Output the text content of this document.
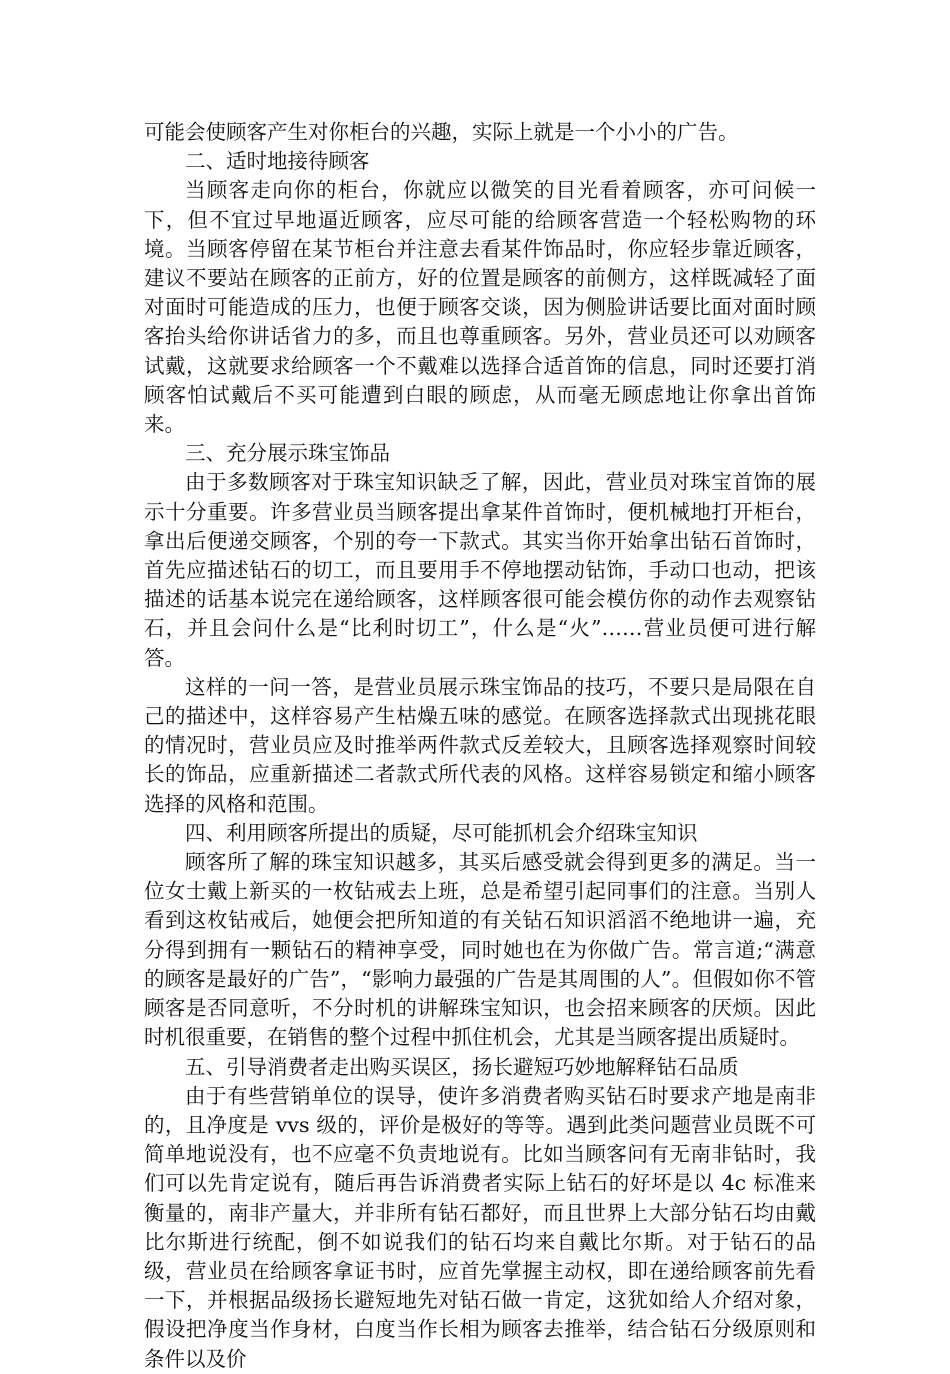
可能会使顾客产生对你柜台的兴趣，实际上就是一个小小的广告。

二、适时地接待顾客

当顾客走向你的柜台，你就应以微笑的目光看着顾客，亦可问候一下，但不宜过早地逼近顾客，应尽可能的给顾客营造一个轻松购物的环境。当顾客停留在某节柜台并注意去看某件饰品时，你应轻步靠近顾客，建议不要站在顾客的正前方，好的位置是顾客的前侧方，这样既减轻了面对面时可能造成的压力，也便于顾客交谈，因为侧脸讲话要比面对面时顾客抬头给你讲话省力的多，而且也尊重顾客。另外，营业员还可以劝顾客试戴，这就要求给顾客一个不戴难以选择合适首饰的信息，同时还要打消顾客怕试戴后不买可能遭到白眼的顾虑，从而毫无顾虑地让你拿出首饰来。

三、充分展示珠宝饰品

由于多数顾客对于珠宝知识缺乏了解，因此，营业员对珠宝首饰的展示十分重要。许多营业员当顾客提出拿某件首饰时，便机械地打开柜台，拿出后便递交顾客，个别的夸一下款式。其实当你开始拿出钻石首饰时，首先应描述钻石的切工，而且要用手不停地摆动钻饰，手动口也动，把该描述的话基本说完在递给顾客，这样顾客很可能会模仿你的动作去观察钻石，并且会问什么是“比利时切工”，什么是“火”……营业员便可进行解答。

这样的一问一答，是营业员展示珠宝饰品的技巧，不要只是局限在自己的描述中，这样容易产生枯燥五味的感觉。在顾客选择款式出现挑花眼的情况时，营业员应及时推举两件款式反差较大，且顾客选择观察时间较长的饰品，应重新描述二者款式所代表的风格。这样容易锁定和缩小顾客选择的风格和范围。

四、利用顾客所提出的质疑，尽可能抓机会介绍珠宝知识

顾客所了解的珠宝知识越多，其买后感受就会得到更多的满足。当一位女士戴上新买的一枚钻戒去上班，总是希望引起同事们的注意。当别人看到这枚钻戒后，她便会把所知道的有关钻石知识滔滔不绝地讲一遍，充分得到拥有一颗钻石的精神享受，同时她也在为你做广告。常言道;“满意的顾客是最好的广告”，“影响力最强的广告是其周围的人”。但假如你不管顾客是否同意听，不分时机的讲解珠宝知识，也会招来顾客的厌烦。因此时机很重要，在销售的整个过程中抓住机会，尤其是当顾客提出质疑时。

五、引导消费者走出购买误区，扬长避短巧妙地解释钻石品质

由于有些营销单位的误导，使许多消费者购买钻石时要求产地是南非的，且净度是 vvs 级的，评价是极好的等等。遇到此类问题营业员既不可简单地说没有，也不应毫不负责地说有。比如当顾客问有无南非钻时，我们可以先肯定说有，随后再告诉消费者实际上钻石的好坏是以 4c 标准来衡量的，南非产量大，并非所有钻石都好，而且世界上大部分钻石均由戴比尔斯进行统配，倒不如说我们的钻石均来自戴比尔斯。对于钻石的品级，营业员在给顾客拿证书时，应首先掌握主动权，即在递给顾客前先看一下，并根据品级扬长避短地先对钻石做一肯定，这犹如给人介绍对象，假设把净度当作身材，白度当作长相为顾客去推举，结合钻石分级原则和条件以及价
